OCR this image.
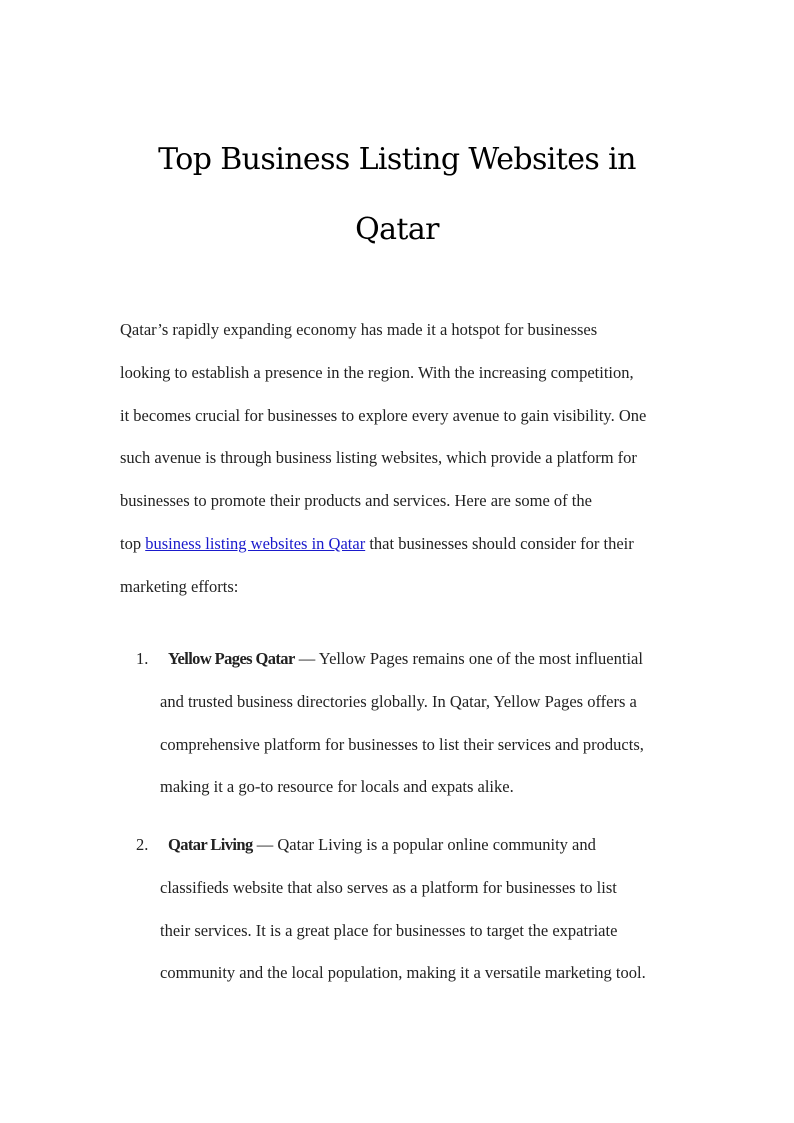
Top Business Listing Websites in
Qatar

Qatar’s rapidly expanding economy has made it a hotspot for businesses
looking to establish a presence in the region. With the increasing competition,
it becomes crucial for businesses to explore every avenue to gain visibility. One
such avenue is through business listing websites, which provide a platform for
businesses to promote their products and services. Here are some of the
top business listing websites in Qatar that businesses should consider for their
marketing efforts:

1.	Yellow Pages Qatar — Yellow Pages remains one of the most influential
and trusted business directories globally. In Qatar, Yellow Pages offers a
comprehensive platform for businesses to list their services and products,
making it a go-to resource for locals and expats alike.
2.	Qatar Living — Qatar Living is a popular online community and
classifieds website that also serves as a platform for businesses to list
their services. It is a great place for businesses to target the expatriate
community and the local population, making it a versatile marketing tool.
